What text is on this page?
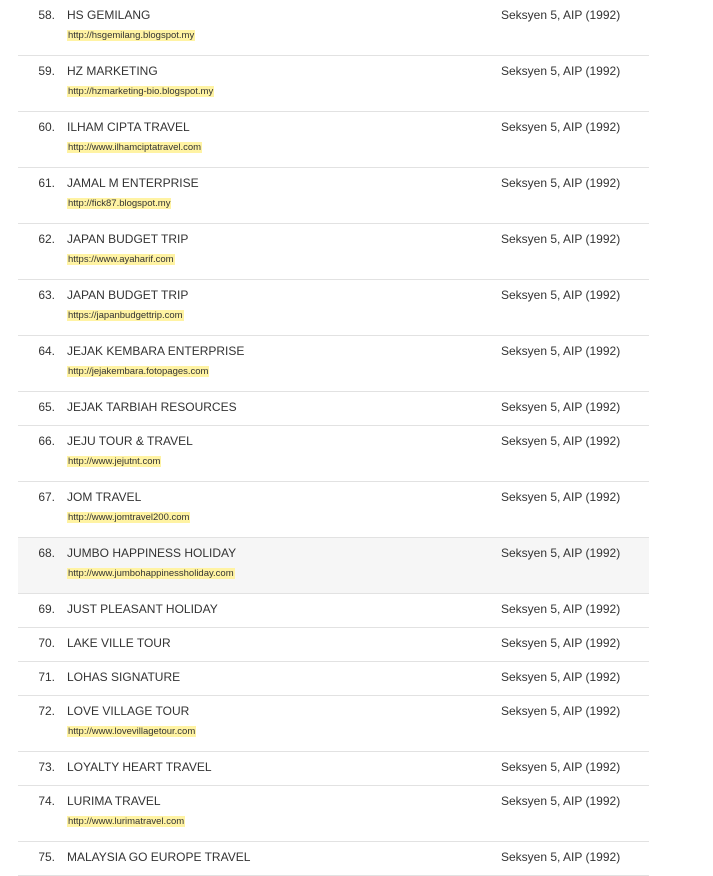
58. HS GEMILANG
http://hsgemilang.blogspot.my
Seksyen 5, AIP (1992)
59. HZ MARKETING
http://hzmarketing-bio.blogspot.my
Seksyen 5, AIP (1992)
60. ILHAM CIPTA TRAVEL
http://www.ilhamciptatravel.com
Seksyen 5, AIP (1992)
61. JAMAL M ENTERPRISE
http://fick87.blogspot.my
Seksyen 5, AIP (1992)
62. JAPAN BUDGET TRIP
https://www.ayaharif.com
Seksyen 5, AIP (1992)
63. JAPAN BUDGET TRIP
https://japanbudgettrip.com
Seksyen 5, AIP (1992)
64. JEJAK KEMBARA ENTERPRISE
http://jejakembara.fotopages.com
Seksyen 5, AIP (1992)
65. JEJAK TARBIAH RESOURCES	Seksyen 5, AIP (1992)
66. JEJU TOUR & TRAVEL
http://www.jejutnt.com
Seksyen 5, AIP (1992)
67. JOM TRAVEL
http://www.jomtravel200.com
Seksyen 5, AIP (1992)
68. JUMBO HAPPINESS HOLIDAY
http://www.jumbohappinessholiday.com
Seksyen 5, AIP (1992)
69. JUST PLEASANT HOLIDAY	Seksyen 5, AIP (1992)
70. LAKE VILLE TOUR	Seksyen 5, AIP (1992)
71. LOHAS SIGNATURE	Seksyen 5, AIP (1992)
72. LOVE VILLAGE TOUR
http://www.lovevillagetour.com
Seksyen 5, AIP (1992)
73. LOYALTY HEART TRAVEL	Seksyen 5, AIP (1992)
74. LURIMA TRAVEL
http://www.lurimatravel.com
Seksyen 5, AIP (1992)
75. MALAYSIA GO EUROPE TRAVEL	Seksyen 5, AIP (1992)
